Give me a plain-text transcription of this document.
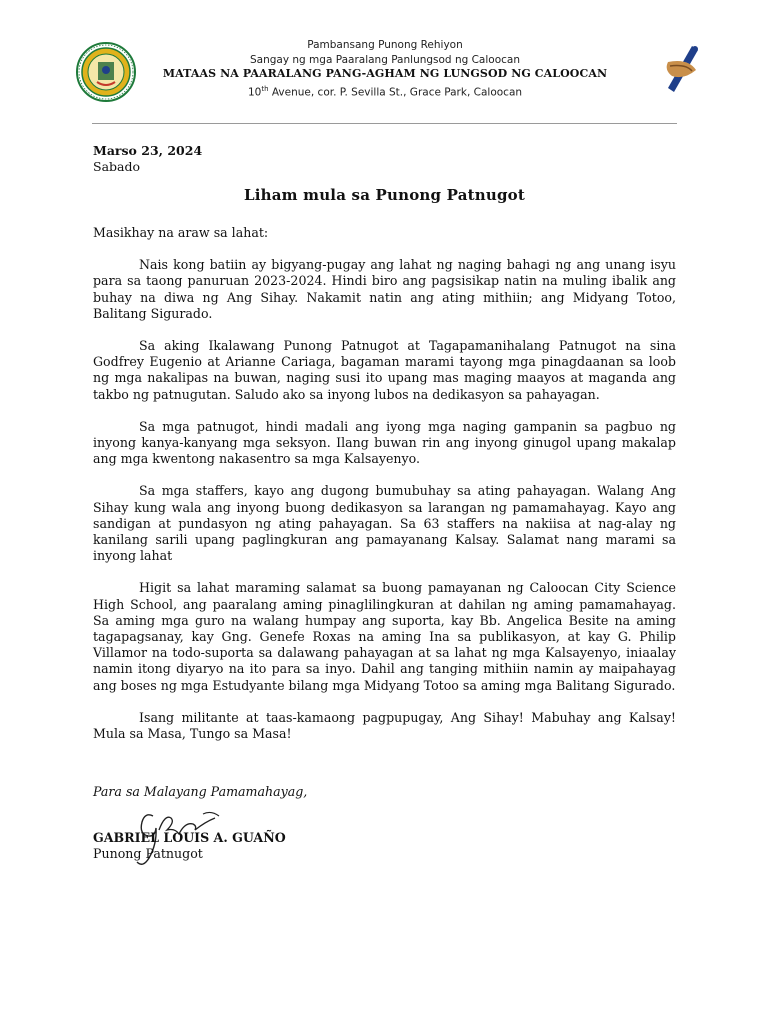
Pambansang Punong Rehiyon
Sangay ng mga Paaralang Panlungsod ng Caloocan
MATAAS NA PAARALANG PANG-AGHAM NG LUNGSOD NG CALOOCAN
10th Avenue, cor. P. Sevilla St., Grace Park, Caloocan
Marso 23, 2024
Sabado
Liham mula sa Punong Patnugot

Masikhay na araw sa lahat:

Nais kong batiin ay bigyang-pugay ang lahat ng naging bahagi ng ang unang isyu para sa taong panuruan 2023-2024. Hindi biro ang pagsisikap natin na muling ibalik ang buhay na diwa ng Ang Sihay. Nakamit natin ang ating mithiin; ang Midyang Totoo, Balitang Sigurado.

Sa aking Ikalawang Punong Patnugot at Tagapamanihalang Patnugot na sina Godfrey Eugenio at Arianne Cariaga, bagaman marami tayong mga pinagdaanan sa loob ng mga nakalipas na buwan, naging susi ito upang mas maging maayos at maganda ang takbo ng patnugutan. Saludo ako sa inyong lubos na dedikasyon sa pahayagan.

Sa mga patnugot, hindi madali ang iyong mga naging gampanin sa pagbuo ng inyong kanya-kanyang mga seksyon. Ilang buwan rin ang inyong ginugol upang makalap ang mga kwentong nakasentro sa mga Kalsayenyo.

Sa mga staffers, kayo ang dugong bumubuhay sa ating pahayagan. Walang Ang Sihay kung wala ang inyong buong dedikasyon sa larangan ng pamamahayag. Kayo ang sandigan at pundasyon ng ating pahayagan. Sa 63 staffers na nakiisa at nag-alay ng kanilang sarili upang paglingkuran ang pamayanang Kalsay. Salamat nang marami sa inyong lahat

Higit sa lahat maraming salamat sa buong pamayanan ng Caloocan City Science High School, ang paaralang aming pinaglilingkuran at dahilan ng aming pamamahayag. Sa aming mga guro na walang humpay ang suporta, kay Bb. Angelica Besite na aming tagapagsanay, kay Gng. Genefe Roxas na aming Ina sa publikasyon, at kay G. Philip Villamor na todo-suporta sa dalawang pahayagan at sa lahat ng mga Kalsayenyo, iniaalay namin itong diyaryo na ito para sa inyo. Dahil ang tanging mithiin namin ay maipahayag ang boses ng mga Estudyante bilang mga Midyang Totoo sa aming mga Balitang Sigurado.

Isang militante at taas-kamaong pagpupugay, Ang Sihay! Mabuhay ang Kalsay! Mula sa Masa, Tungo sa Masa!

Para sa Malayang Pamamahayag,
GABRIEL LOUIS A. GUAÑO
Punong Patnugot
